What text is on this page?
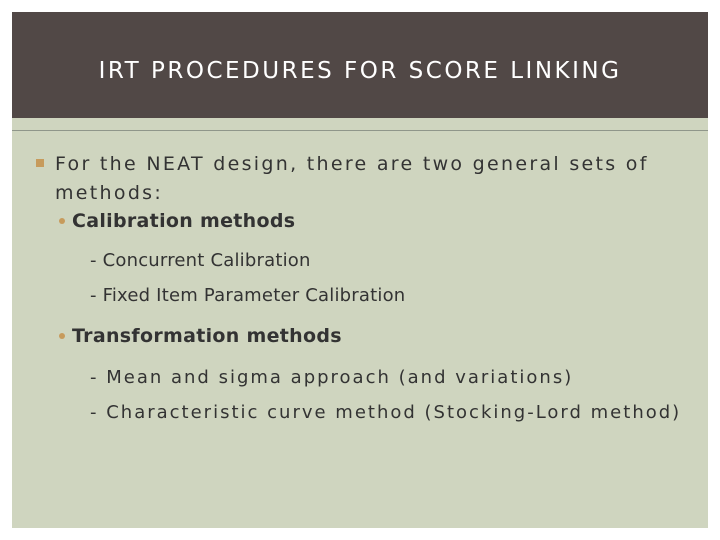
IRT PROCEDURES FOR SCORE LINKING
For the NEAT design, there are two general sets of
methods:
Calibration methods
- Concurrent Calibration
- Fixed Item Parameter Calibration
Transformation methods
- Mean and sigma approach (and variations)
- Characteristic curve method (Stocking-Lord method)
